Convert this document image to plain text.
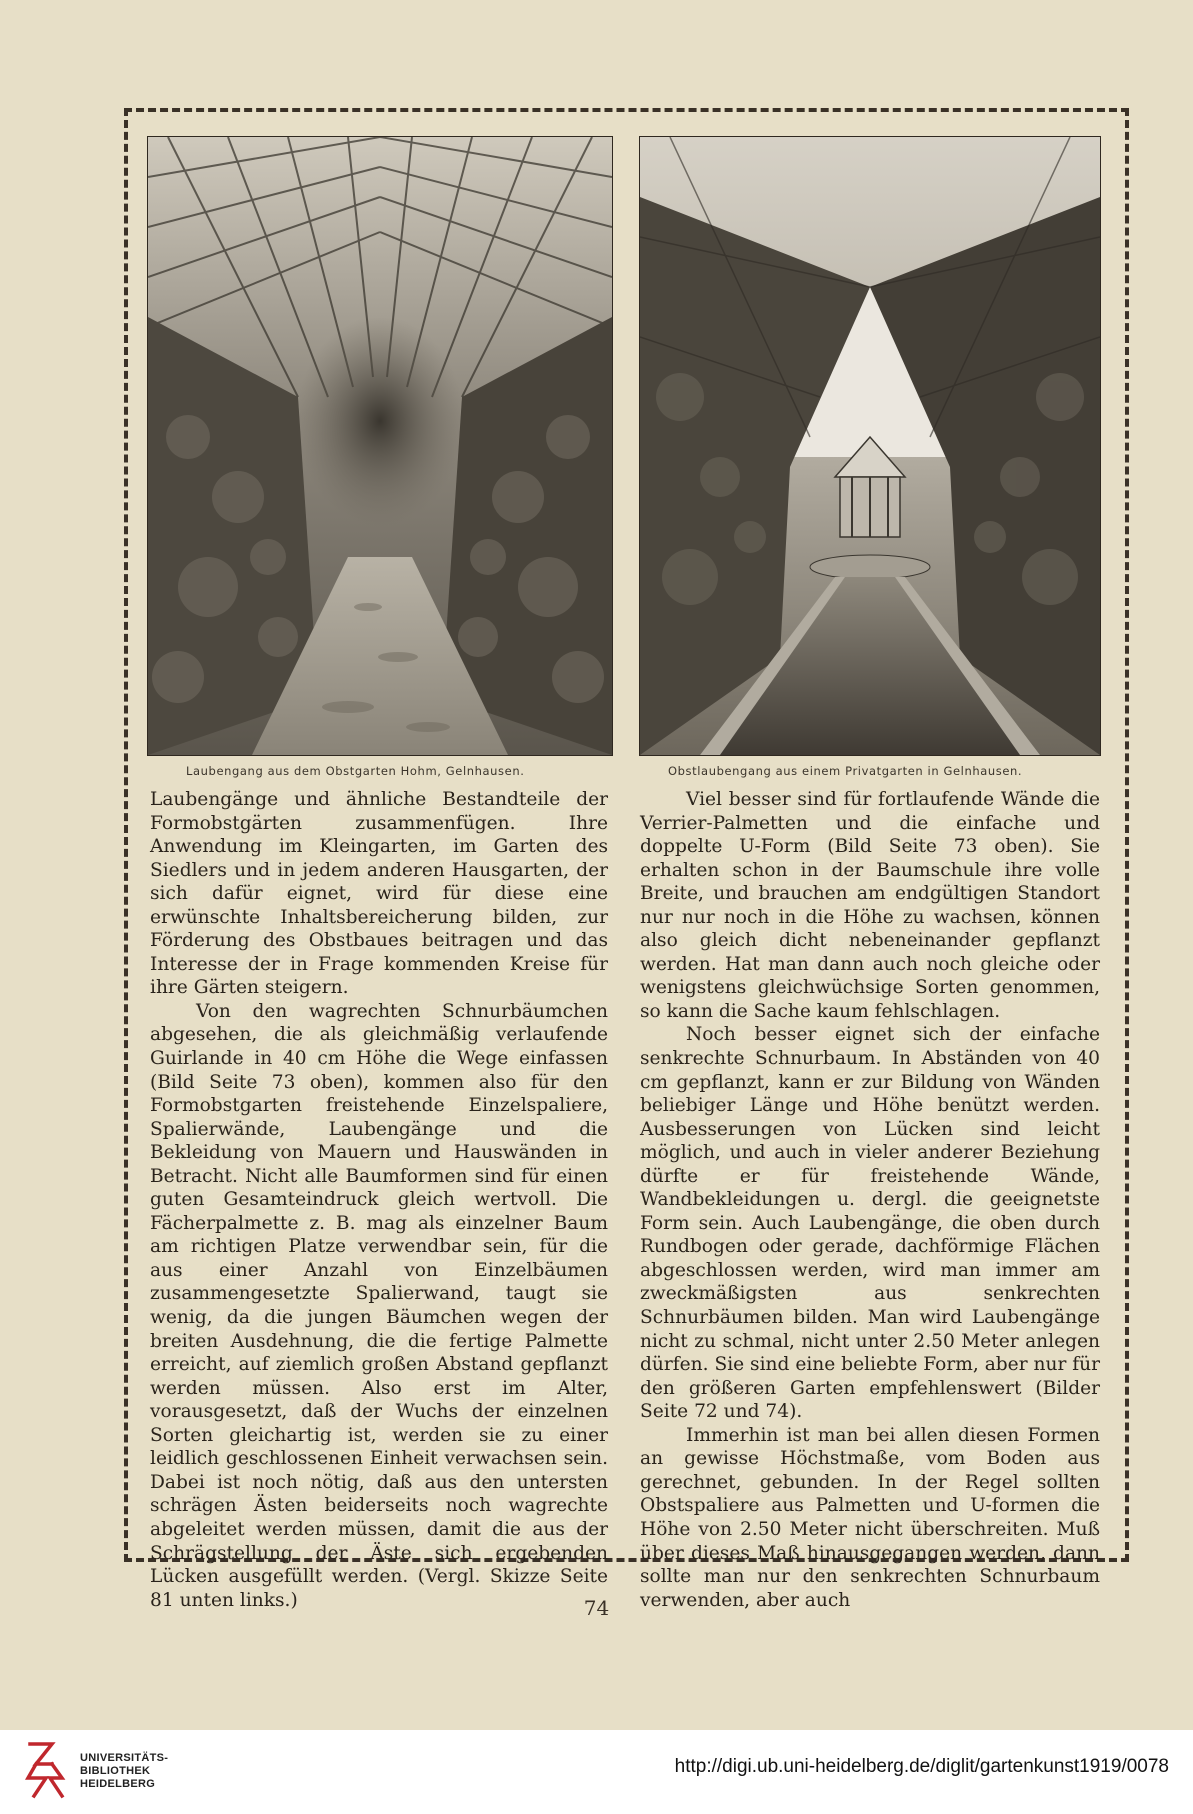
Laubengang aus dem Obstgarten Hohm, Gelnhausen.	Obstlaubengang aus einem Privatgarten in Gelnhausen.

Laubengänge und ähnliche Bestandteile der Formobstgärten zusammenfügen. Ihre Anwendung im Kleingarten, im Garten des Siedlers und in jedem anderen Hausgarten, der sich dafür eignet, wird für diese eine erwünschte Inhaltsbereicherung bilden, zur Förderung des Obstbaues beitragen und das Interesse der in Frage kommenden Kreise für ihre Gärten steigern.

Von den wagrechten Schnurbäumchen abgesehen, die als gleichmäßig verlaufende Guirlande in 40 cm Höhe die Wege einfassen (Bild Seite 73 oben), kommen also für den Formobstgarten freistehende Einzelspaliere, Spalierwände, Laubengänge und die Bekleidung von Mauern und Hauswänden in Betracht. Nicht alle Baumformen sind für einen guten Gesamteindruck gleich wertvoll. Die Fächerpalmette z. B. mag als einzelner Baum am richtigen Platze verwendbar sein, für die aus einer Anzahl von Einzelbäumen zusammengesetzte Spalierwand, taugt sie wenig, da die jungen Bäumchen wegen der breiten Ausdehnung, die die fertige Palmette erreicht, auf ziemlich großen Abstand gepflanzt werden müssen. Also erst im Alter, vorausgesetzt, daß der Wuchs der einzelnen Sorten gleichartig ist, werden sie zu einer leidlich geschlossenen Einheit verwachsen sein. Dabei ist noch nötig, daß aus den untersten schrägen Ästen beiderseits noch wagrechte abgeleitet werden müssen, damit die aus der Schrägstellung der Äste sich ergebenden Lücken ausgefüllt werden. (Vergl. Skizze Seite 81 unten links.)

Viel besser sind für fortlaufende Wände die Verrier-Palmetten und die einfache und doppelte U-Form (Bild Seite 73 oben). Sie erhalten schon in der Baumschule ihre volle Breite, und brauchen am endgültigen Standort nur nur noch in die Höhe zu wachsen, können also gleich dicht nebeneinander gepflanzt werden. Hat man dann auch noch gleiche oder wenigstens gleichwüchsige Sorten genommen, so kann die Sache kaum fehlschlagen.

Noch besser eignet sich der einfache senkrechte Schnurbaum. In Abständen von 40 cm gepflanzt, kann er zur Bildung von Wänden beliebiger Länge und Höhe benützt werden. Ausbesserungen von Lücken sind leicht möglich, und auch in vieler anderer Beziehung dürfte er für freistehende Wände, Wandbekleidungen u. dergl. die geeignetste Form sein. Auch Laubengänge, die oben durch Rundbogen oder gerade, dachförmige Flächen abgeschlossen werden, wird man immer am zweckmäßigsten aus senkrechten Schnurbäumen bilden. Man wird Laubengänge nicht zu schmal, nicht unter 2.50 Meter anlegen dürfen. Sie sind eine beliebte Form, aber nur für den größeren Garten empfehlenswert (Bilder Seite 72 und 74).

Immerhin ist man bei allen diesen Formen an gewisse Höchstmaße, vom Boden aus gerechnet, gebunden. In der Regel sollten Obstspaliere aus Palmetten und U-formen die Höhe von 2.50 Meter nicht überschreiten. Muß über dieses Maß hinausgegangen werden, dann sollte man nur den senkrechten Schnurbaum verwenden, aber auch

74
UNIVERSITÄTS-
BIBLIOTHEK
HEIDELBERG
http://digi.ub.uni-heidelberg.de/diglit/gartenkunst1919/0078
